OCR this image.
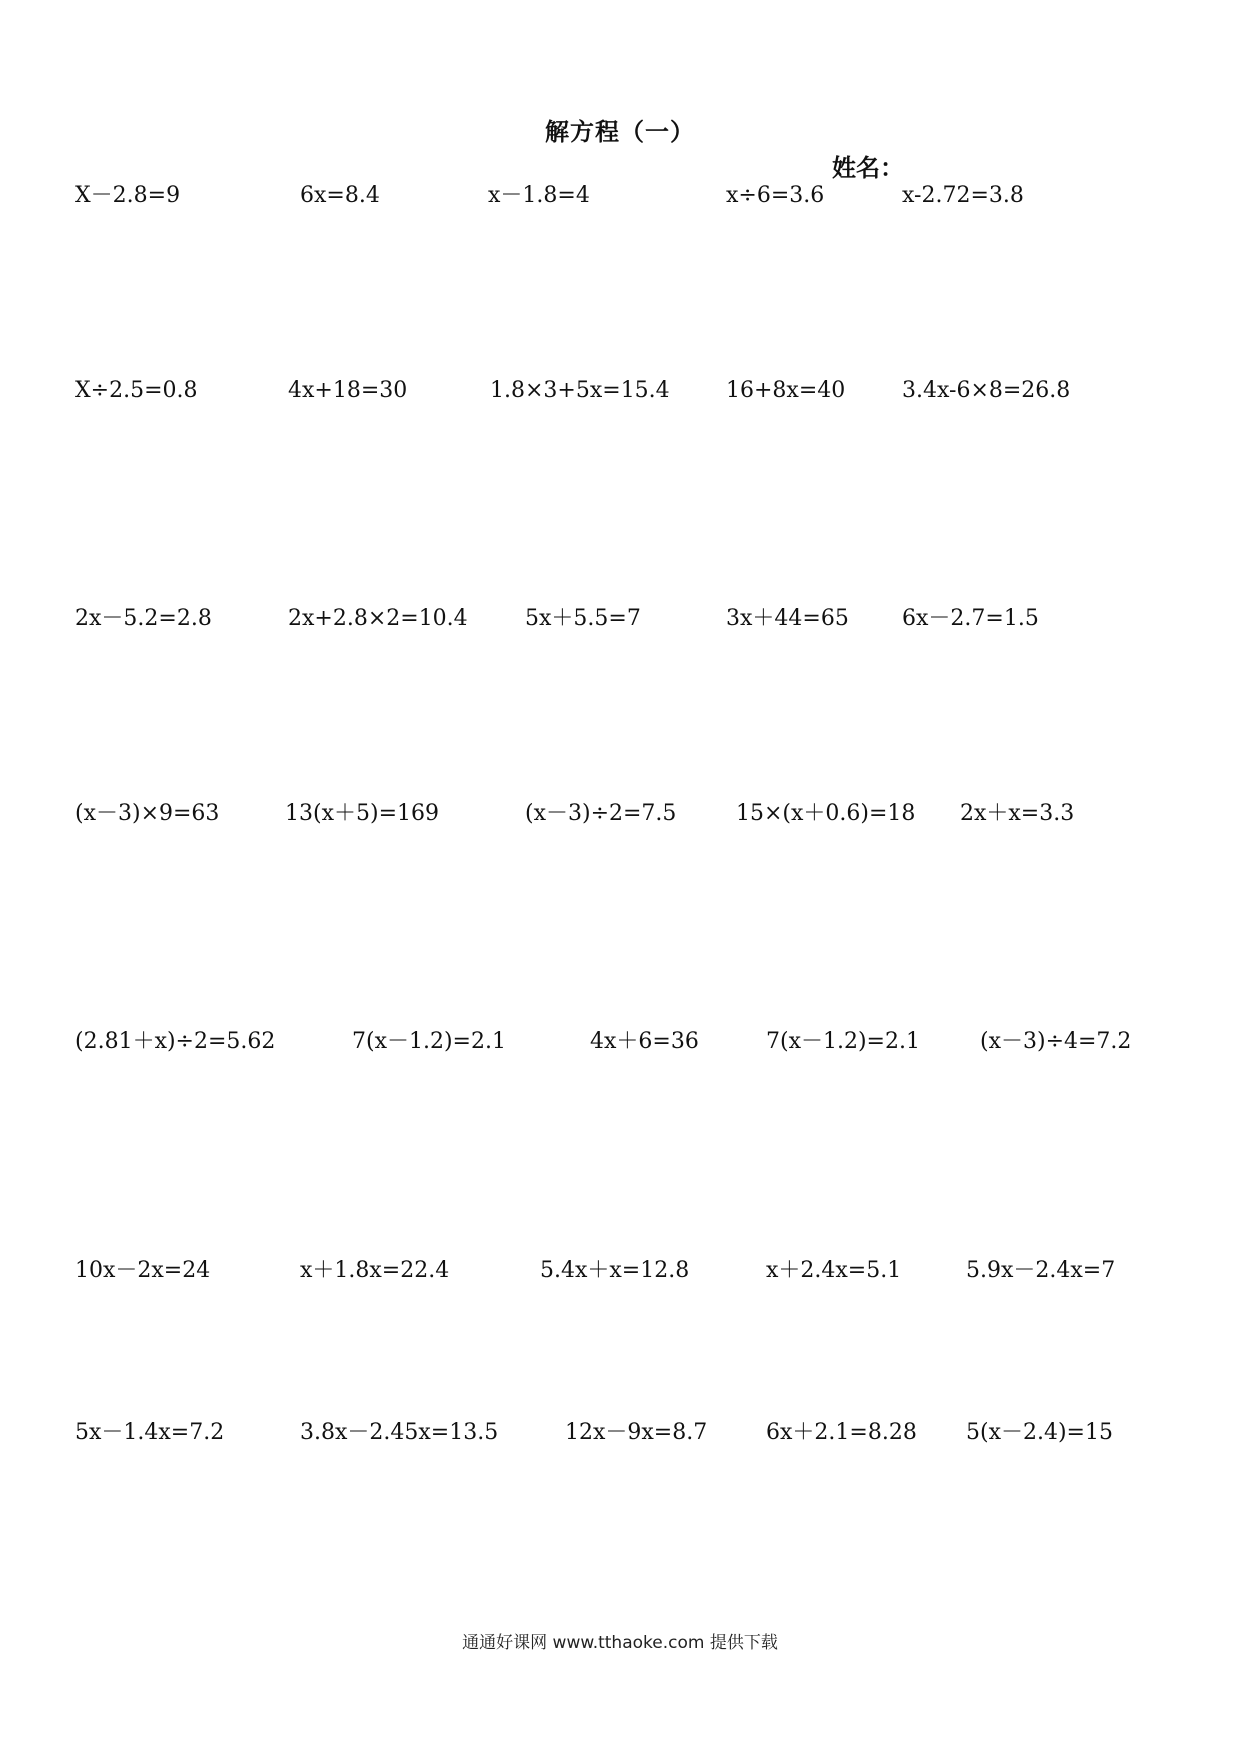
解方程（一）
姓名：
X－2.8=9	6x=8.4	x－1.8=4	x÷6=3.6	x-2.72=3.8
X÷2.5=0.8	4x+18=30	1.8×3+5x=15.4	16+8x=40	3.4x-6×8=26.8
2x－5.2=2.8	2x+2.8×2=10.4	5x＋5.5=7	3x＋44=65 6x－2.7=1.5
(x－3)×9=63	13(x＋5)=169	(x－3)÷2=7.5	15×(x＋0.6)=18 2x＋x=3.3
(2.81＋x)÷2=5.62	7(x－1.2)=2.1	4x＋6=36	7(x－1.2)=2.1	(x－3)÷4=7.2
10x－2x=24	x＋1.8x=22.4	5.4x＋x=12.8	x＋2.4x=5.1	5.9x－2.4x=7
5x－1.4x=7.2	3.8x－2.45x=13.5	12x－9x=8.7	6x＋2.1=8.28 5(x－2.4)=15
通通好课网 www.tthaoke.com 提供下载
